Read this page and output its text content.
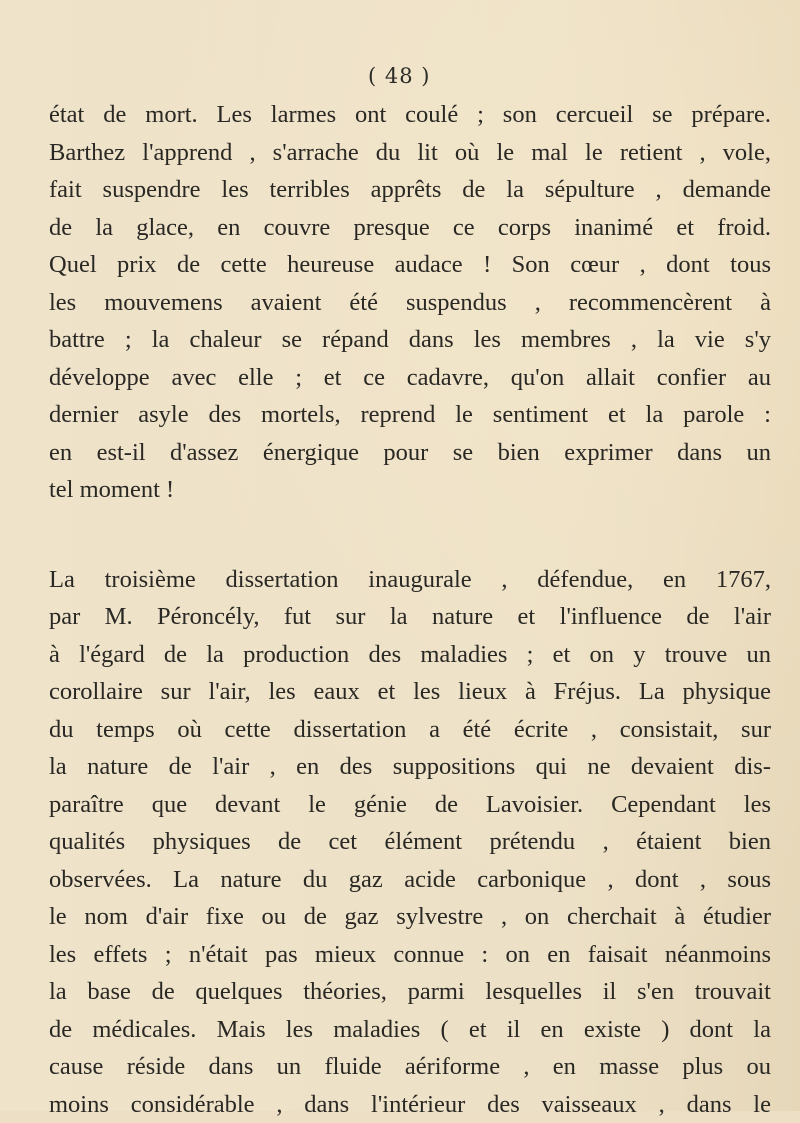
( 48 )
état de mort. Les larmes ont coulé ; son cercueil se prépare.
Barthez l'apprend , s'arrache du lit où le mal le retient , vole,
fait suspendre les terribles apprêts de la sépulture , demande
de la glace, en couvre presque ce corps inanimé et froid.
Quel prix de cette heureuse audace ! Son cœur , dont tous
les mouvemens avaient été suspendus , recommencèrent à
battre ; la chaleur se répand dans les membres , la vie s'y
développe avec elle ; et ce cadavre, qu'on allait confier au
dernier asyle des mortels, reprend le sentiment et la parole :
en est-il d'assez énergique pour se bien exprimer dans un
tel moment !
La troisième dissertation inaugurale , défendue, en 1767,
par M. Péroncély, fut sur la nature et l'influence de l'air
à l'égard de la production des maladies ; et on y trouve un
corollaire sur l'air, les eaux et les lieux à Fréjus. La physique
du temps où cette dissertation a été écrite , consistait, sur
la nature de l'air , en des suppositions qui ne devaient dis-
paraître que devant le génie de Lavoisier. Cependant les
qualités physiques de cet élément prétendu , étaient bien
observées. La nature du gaz acide carbonique , dont , sous
le nom d'air fixe ou de gaz sylvestre , on cherchait à étudier
les effets ; n'était pas mieux connue : on en faisait néanmoins
la base de quelques théories, parmi lesquelles il s'en trouvait
de médicales. Mais les maladies ( et il en existe ) dont la
cause réside dans un fluide aériforme , en masse plus ou
moins considérable , dans l'intérieur des vaisseaux , dans le
